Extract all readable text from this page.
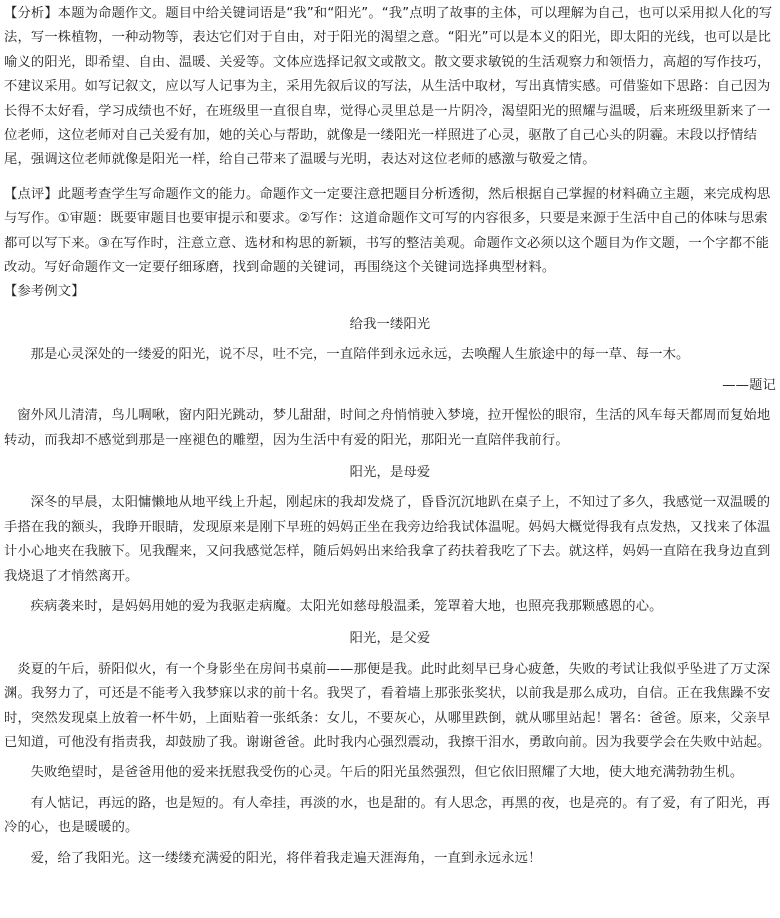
【分析】本题为命题作文。题目中给关键词语是“我”和“阳光”。“我”点明了故事的主体，可以理解为自己，也可以采用拟人化的写法，写一株植物，一种动物等，表达它们对于自由，对于阳光的渴望之意。“阳光”可以是本义的阳光，即太阳的光线，也可以是比喻义的阳光，即希望、自由、温暖、关爱等。文体应选择记叙文或散文。散文要求敏锐的生活观察力和领悟力，高超的写作技巧，不建议采用。如写记叙文，应以写人记事为主，采用先叙后议的写法，从生活中取材，写出真情实感。可借鉴如下思路：自己因为长得不太好看，学习成绩也不好，在班级里一直很自卑，觉得心灵里总是一片阴冷，渴望阳光的照耀与温暖，后来班级里新来了一位老师，这位老师对自己关爱有加，她的关心与帮助，就像是一缕阳光一样照进了心灵，驱散了自己心头的阴霾。末段以抒情结尾，强调这位老师就像是阳光一样，给自己带来了温暖与光明，表达对这位老师的感激与敬爱之情。

【点评】此题考查学生写命题作文的能力。命题作文一定要注意把题目分析透彻，然后根据自己掌握的材料确立主题，来完成构思与写作。①审题：既要审题目也要审提示和要求。②写作：这道命题作文可写的内容很多，只要是来源于生活中自己的体味与思索都可以写下来。③在写作时，注意立意、选材和构思的新颖，书写的整洁美观。命题作文必须以这个题目为作文题，一个字都不能改动。写好命题作文一定要仔细琢磨，找到命题的关键词，再围绕这个关键词选择典型材料。

【参考例文】

给我一缕阳光

那是心灵深处的一缕爱的阳光，说不尽，吐不完，一直陪伴到永远永远，去唤醒人生旅途中的每一草、每一木。

——题记

窗外风儿清清，鸟儿啁啾，窗内阳光跳动，梦儿甜甜，时间之舟悄悄驶入梦境，拉开惺忪的眼帘，生活的风车每天都周而复始地转动，而我却不感觉到那是一座褪色的雕塑，因为生活中有爱的阳光，那阳光一直陪伴我前行。

阳光，是母爱

深冬的早晨，太阳慵懒地从地平线上升起，刚起床的我却发烧了，昏昏沉沉地趴在桌子上，不知过了多久，我感觉一双温暖的手搭在我的额头，我睁开眼睛，发现原来是刚下早班的妈妈正坐在我旁边给我试体温呢。妈妈大概觉得我有点发热，又找来了体温计小心地夹在我腋下。见我醒来，又问我感觉怎样，随后妈妈出来给我拿了药扶着我吃了下去。就这样，妈妈一直陪在我身边直到我烧退了才悄然离开。

疾病袭来时，是妈妈用她的爱为我驱走病魔。太阳光如慈母般温柔，笼罩着大地，也照亮我那颗感恩的心。

阳光，是父爱

炎夏的午后，骄阳似火，有一个身影坐在房间书桌前——那便是我。此时此刻早已身心疲惫，失败的考试让我似乎坠进了万丈深渊。我努力了，可还是不能考入我梦寐以求的前十名。我哭了，看着墙上那张张奖状，以前我是那么成功，自信。正在我焦躁不安时，突然发现桌上放着一杯牛奶，上面贴着一张纸条：女儿，不要灰心，从哪里跌倒，就从哪里站起！署名：爸爸。原来，父亲早已知道，可他没有指责我，却鼓励了我。谢谢爸爸。此时我内心强烈震动，我擦干泪水，勇敢向前。因为我要学会在失败中站起。

失败绝望时，是爸爸用他的爱来抚慰我受伤的心灵。午后的阳光虽然强烈，但它依旧照耀了大地，使大地充满勃勃生机。

有人惦记，再远的路，也是短的。有人牵挂，再淡的水，也是甜的。有人思念，再黑的夜，也是亮的。有了爱，有了阳光，再冷的心，也是暖暖的。

爱，给了我阳光。这一缕缕充满爱的阳光，将伴着我走遍天涯海角，一直到永远永远！
